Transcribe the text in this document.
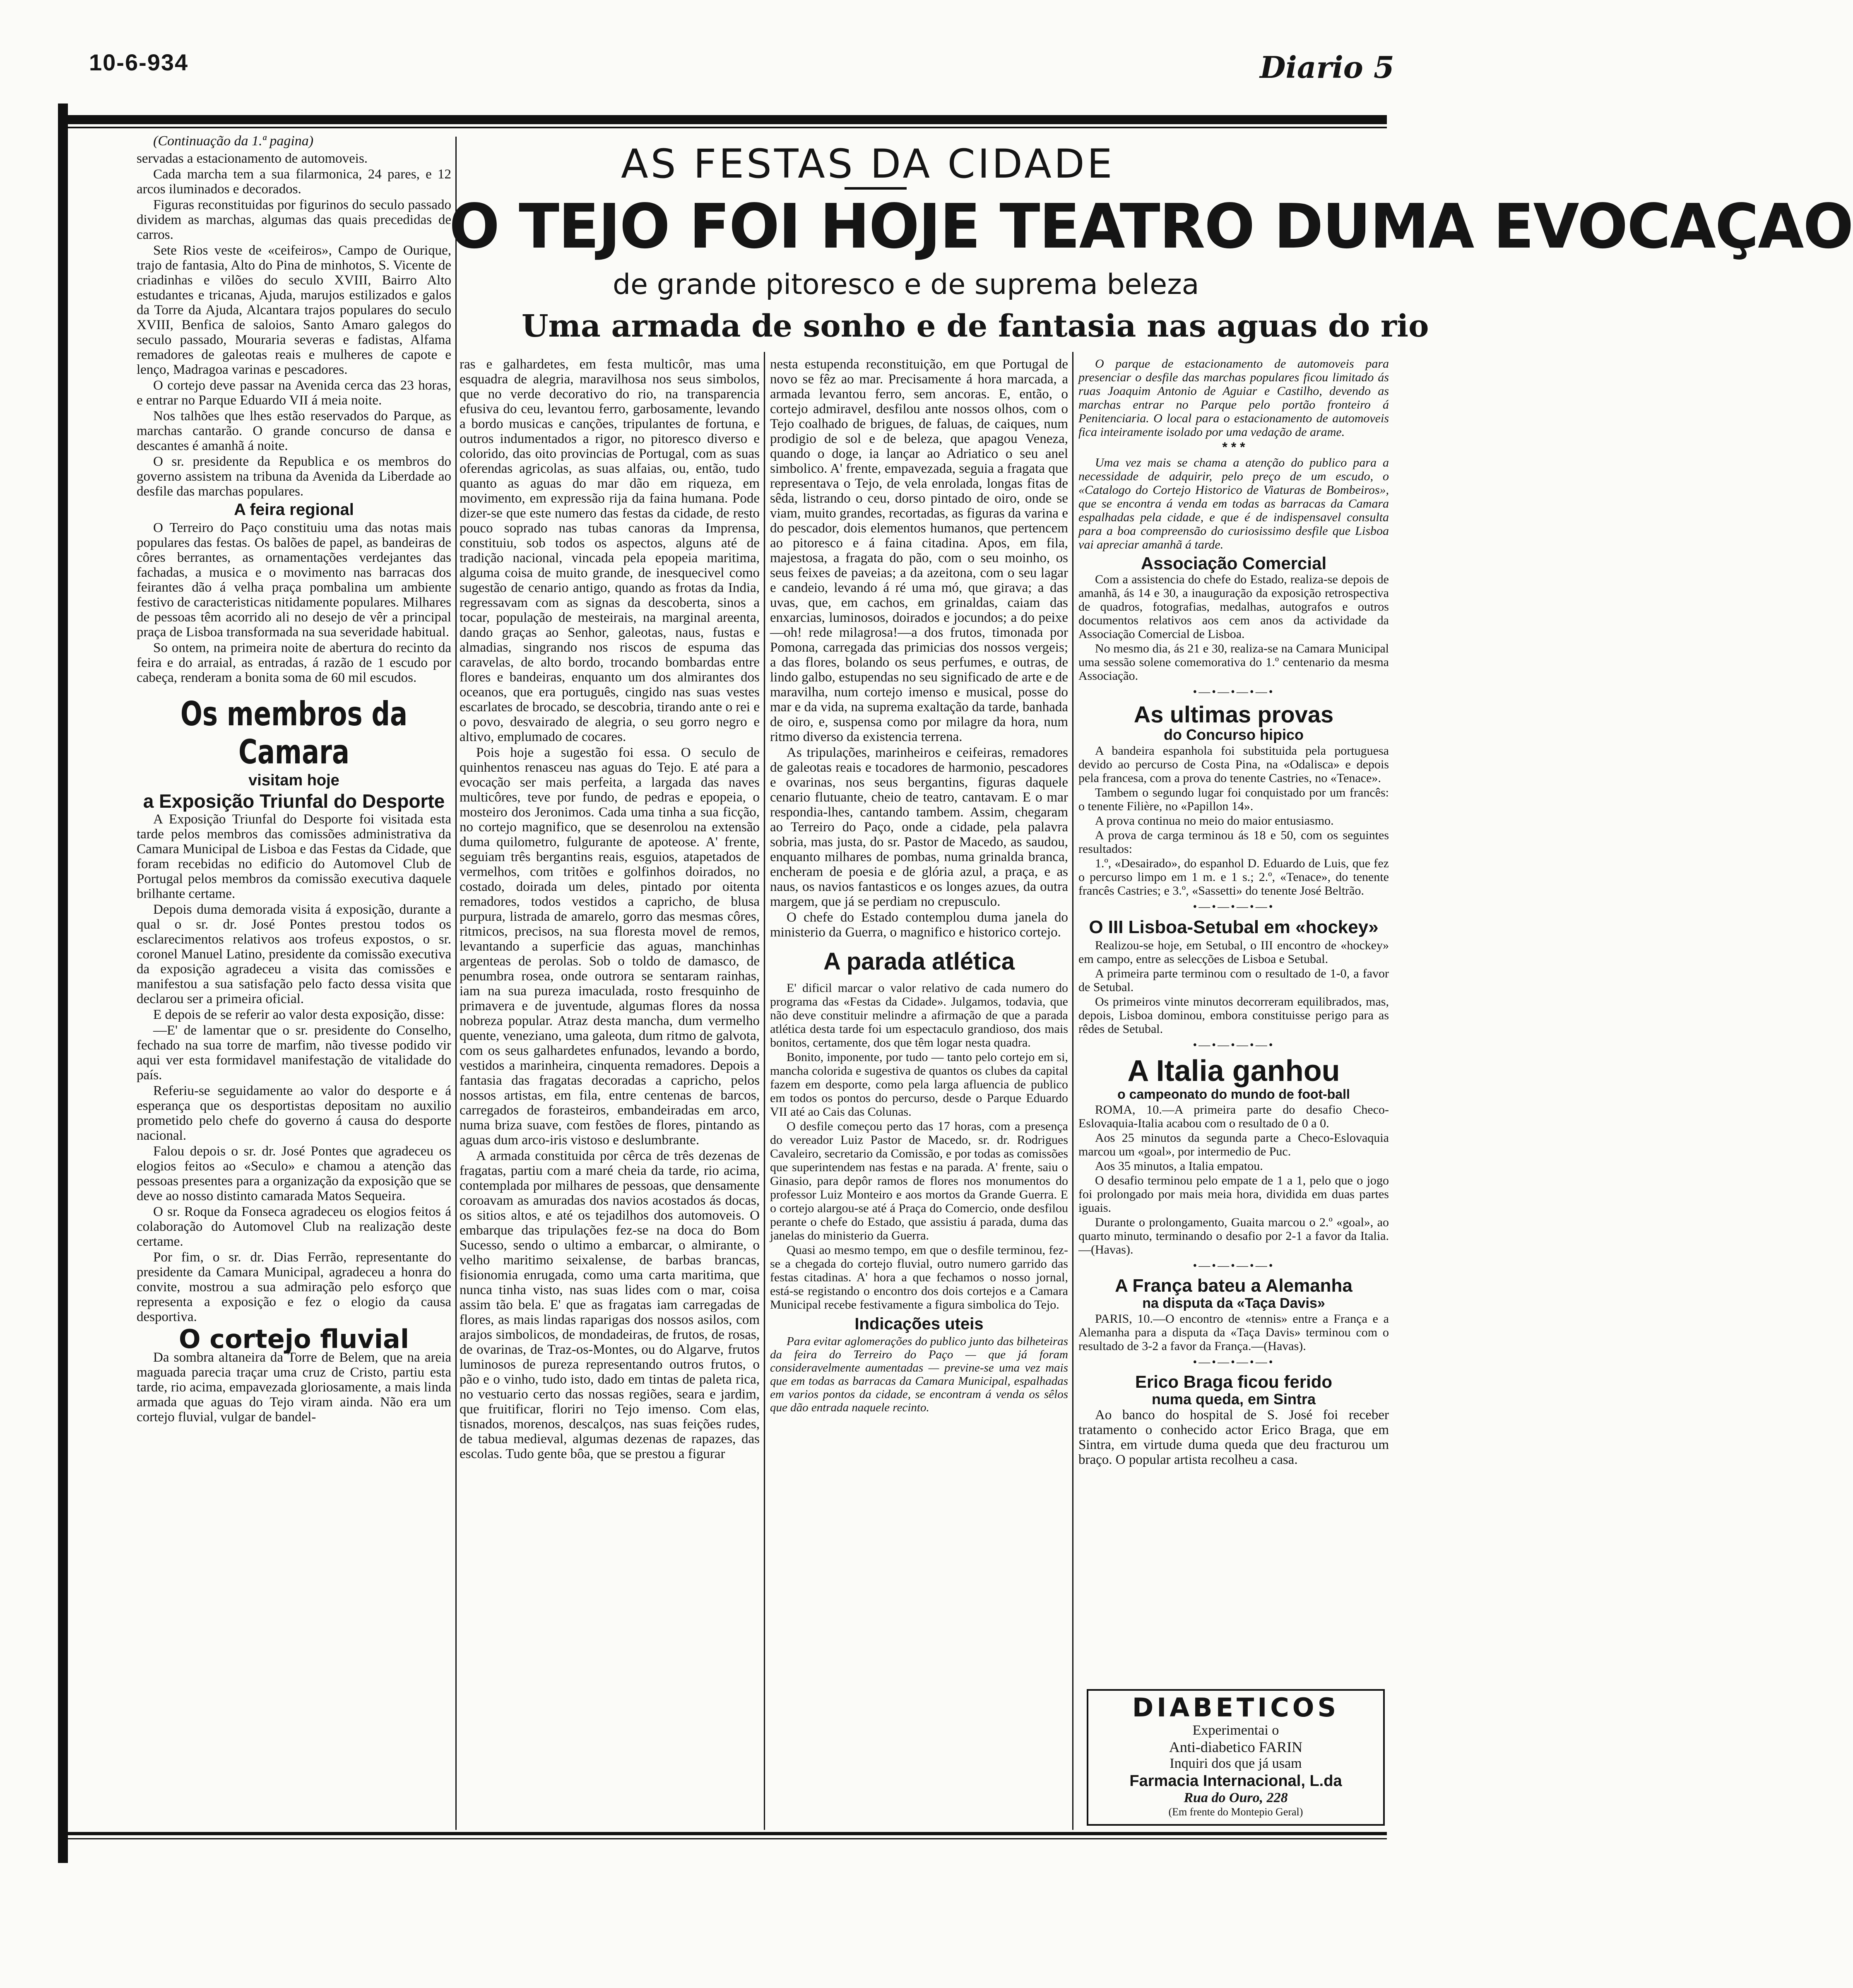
10-6-934	Diario 5
(Continuação da 1.ª pagina)

servadas a estacionamento de automoveis.

Cada marcha tem a sua filarmonica, 24 pares, e 12 arcos iluminados e decorados.

Figuras reconstituidas por figurinos do seculo passado dividem as marchas, algumas das quais precedidas de carros.

Sete Rios veste de «ceifeiros», Campo de Ourique, trajo de fantasia, Alto do Pina de minhotos, S. Vicente de criadinhas e vilões do seculo XVIII, Bairro Alto estudantes e tricanas, Ajuda, marujos estilizados e galos da Torre da Ajuda, Alcantara trajos populares do seculo XVIII, Benfica de saloios, Santo Amaro galegos do seculo passado, Mouraria severas e fadistas, Alfama remadores de galeotas reais e mulheres de capote e lenço, Madragoa varinas e pescadores.

O cortejo deve passar na Avenida cerca das 23 horas, e entrar no Parque Eduardo VII á meia noite.

Nos talhões que lhes estão reservados do Parque, as marchas cantarão. O grande concurso de dansa e descantes é amanhã á noite.

O sr. presidente da Republica e os membros do governo assistem na tribuna da Avenida da Liberdade ao desfile das marchas populares.

A feira regional

O Terreiro do Paço constituiu uma das notas mais populares das festas. Os balões de papel, as bandeiras de côres berrantes, as ornamentações verdejantes das fachadas, a musica e o movimento nas barracas dos feirantes dão á velha praça pombalina um ambiente festivo de caracteristicas nitidamente populares. Milhares de pessoas têm acorrido ali no desejo de vêr a principal praça de Lisboa transformada na sua severidade habitual.

So ontem, na primeira noite de abertura do recinto da feira e do arraial, as entradas, á razão de 1 escudo por cabeça, renderam a bonita soma de 60 mil escudos.

Os membros da Camara
visitam hoje
a Exposição Triunfal do Desporte

A Exposição Triunfal do Desporte foi visitada esta tarde pelos membros das comissões administrativa da Camara Municipal de Lisboa e das Festas da Cidade, que foram recebidas no edificio do Automovel Club de Portugal pelos membros da comissão executiva daquele brilhante certame.

Depois duma demorada visita á exposição, durante a qual o sr. dr. José Pontes prestou todos os esclarecimentos relativos aos trofeus expostos, o sr. coronel Manuel Latino, presidente da comissão executiva da exposição agradeceu a visita das comissões e manifestou a sua satisfação pelo facto dessa visita que declarou ser a primeira oficial.

E depois de se referir ao valor desta exposição, disse:

—E' de lamentar que o sr. presidente do Conselho, fechado na sua torre de marfim, não tivesse podido vir aqui ver esta formidavel manifestação de vitalidade do país.

Referiu-se seguidamente ao valor do desporte e á esperança que os desportistas depositam no auxilio prometido pelo chefe do governo á causa do desporte nacional.

Falou depois o sr. dr. José Pontes que agradeceu os elogios feitos ao «Seculo» e chamou a atenção das pessoas presentes para a organização da exposição que se deve ao nosso distinto camarada Matos Sequeira.

O sr. Roque da Fonseca agradeceu os elogios feitos á colaboração do Automovel Club na realização deste certame.

Por fim, o sr. dr. Dias Ferrão, representante do presidente da Camara Municipal, agradeceu a honra do convite, mostrou a sua admiração pelo esforço que representa a exposição e fez o elogio da causa desportiva.

O cortejo fluvial

Da sombra altaneira da Torre de Belem, que na areia maguada parecia traçar uma cruz de Cristo, partiu esta tarde, rio acima, empavezada gloriosamente, a mais linda armada que aguas do Tejo viram ainda. Não era um cortejo fluvial, vulgar de bandel-

AS FESTAS DA CIDADE
O TEJO FOI HOJE TEATRO DUMA EVOCAÇAO
de grande pitoresco e de suprema beleza
Uma armada de sonho e de fantasia nas aguas do rio

ras e galhardetes, em festa multicôr, mas uma esquadra de alegria, maravilhosa nos seus simbolos, que no verde decorativo do rio, na transparencia efusiva do ceu, levantou ferro, garbosamente, levando a bordo musicas e canções, tripulantes de fortuna, e outros indumentados a rigor, no pitoresco diverso e colorido, das oito provincias de Portugal, com as suas oferendas agricolas, as suas alfaias, ou, então, tudo quanto as aguas do mar dão em riqueza, em movimento, em expressão rija da faina humana. Pode dizer-se que este numero das festas da cidade, de resto pouco soprado nas tubas canoras da Imprensa, constituiu, sob todos os aspectos, alguns até de tradição nacional, vincada pela epopeia maritima, alguma coisa de muito grande, de inesquecivel como sugestão de cenario antigo, quando as frotas da India, regressavam com as signas da descoberta, sinos a tocar, população de mesteirais, na marginal areenta, dando graças ao Senhor, galeotas, naus, fustas e almadias, singrando nos riscos de espuma das caravelas, de alto bordo, trocando bombardas entre flores e bandeiras, enquanto um dos almirantes dos oceanos, que era português, cingido nas suas vestes escarlates de brocado, se descobria, tirando ante o rei e o povo, desvairado de alegria, o seu gorro negro e altivo, emplumado de cocares.

Pois hoje a sugestão foi essa. O seculo de quinhentos renasceu nas aguas do Tejo. E até para a evocação ser mais perfeita, a largada das naves multicôres, teve por fundo, de pedras e epopeia, o mosteiro dos Jeronimos. Cada uma tinha a sua ficção, no cortejo magnifico, que se desenrolou na extensão duma quilometro, fulgurante de apoteose. A' frente, seguiam três bergantins reais, esguios, atapetados de vermelhos, com tritões e golfinhos doirados, no costado, doirada um deles, pintado por oitenta remadores, todos vestidos a capricho, de blusa purpura, listrada de amarelo, gorro das mesmas côres, ritmicos, precisos, na sua floresta movel de remos, levantando a superficie das aguas, manchinhas argenteas de perolas. Sob o toldo de damasco, de penumbra rosea, onde outrora se sentaram rainhas, iam na sua pureza imaculada, rosto fresquinho de primavera e de juventude, algumas flores da nossa nobreza popular. Atraz desta mancha, dum vermelho quente, veneziano, uma galeota, dum ritmo de galvota, com os seus galhardetes enfunados, levando a bordo, vestidos a marinheira, cinquenta remadores. Depois a fantasia das fragatas decoradas a capricho, pelos nossos artistas, em fila, entre centenas de barcos, carregados de forasteiros, embandeiradas em arco, numa briza suave, com festões de flores, pintando as aguas dum arco-iris vistoso e deslumbrante.

A armada constituida por cêrca de três dezenas de fragatas, partiu com a maré cheia da tarde, rio acima, contemplada por milhares de pessoas, que densamente coroavam as amuradas dos navios acostados ás docas, os sitios altos, e até os tejadilhos dos automoveis. O embarque das tripulações fez-se na doca do Bom Sucesso, sendo o ultimo a embarcar, o almirante, o velho maritimo seixalense, de barbas brancas, fisionomia enrugada, como uma carta maritima, que nunca tinha visto, nas suas lides com o mar, coisa assim tão bela. E' que as fragatas iam carregadas de flores, as mais lindas raparigas dos nossos asilos, com arajos simbolicos, de mondadeiras, de frutos, de rosas, de ovarinas, de Traz-os-Montes, ou do Algarve, frutos luminosos de pureza representando outros frutos, o pão e o vinho, tudo isto, dado em tintas de paleta rica, no vestuario certo das nossas regiões, seara e jardim, que fruitificar, floriri no Tejo imenso. Com elas, tisnados, morenos, descalços, nas suas feições rudes, de tabua medieval, algumas dezenas de rapazes, das escolas. Tudo gente bôa, que se prestou a figurar

nesta estupenda reconstituição, em que Portugal de novo se fêz ao mar. Precisamente á hora marcada, a armada levantou ferro, sem ancoras. E, então, o cortejo admiravel, desfilou ante nossos olhos, com o Tejo coalhado de brigues, de faluas, de caiques, num prodigio de sol e de beleza, que apagou Veneza, quando o doge, ia lançar ao Adriatico o seu anel simbolico. A' frente, empavezada, seguia a fragata que representava o Tejo, de vela enrolada, longas fitas de sêda, listrando o ceu, dorso pintado de oiro, onde se viam, muito grandes, recortadas, as figuras da varina e do pescador, dois elementos humanos, que pertencem ao pitoresco e á faina citadina. Apos, em fila, majestosa, a fragata do pão, com o seu moinho, os seus feixes de paveias; a da azeitona, com o seu lagar e candeio, levando á ré uma mó, que girava; a das uvas, que, em cachos, em grinaldas, caiam das enxarcias, luminosos, doirados e jocundos; a do peixe—oh! rede milagrosa!—a dos frutos, timonada por Pomona, carregada das primicias dos nossos vergeis; a das flores, bolando os seus perfumes, e outras, de lindo galbo, estupendas no seu significado de arte e de maravilha, num cortejo imenso e musical, posse do mar e da vida, na suprema exaltação da tarde, banhada de oiro, e, suspensa como por milagre da hora, num ritmo diverso da existencia terrena.

As tripulações, marinheiros e ceifeiras, remadores de galeotas reais e tocadores de harmonio, pescadores e ovarinas, nos seus bergantins, figuras daquele cenario flutuante, cheio de teatro, cantavam. E o mar respondia-lhes, cantando tambem. Assim, chegaram ao Terreiro do Paço, onde a cidade, pela palavra sobria, mas justa, do sr. Pastor de Macedo, as saudou, enquanto milhares de pombas, numa grinalda branca, encheram de poesia e de glória azul, a praça, e as naus, os navios fantasticos e os longes azues, da outra margem, que já se perdiam no crepusculo.

O chefe do Estado contemplou duma janela do ministerio da Guerra, o magnifico e historico cortejo.

A parada atlética

E' dificil marcar o valor relativo de cada numero do programa das «Festas da Cidade». Julgamos, todavia, que não deve constituir melindre a afirmação de que a parada atlética desta tarde foi um espectaculo grandioso, dos mais bonitos, certamente, dos que têm logar nesta quadra.

Bonito, imponente, por tudo — tanto pelo cortejo em si, mancha colorida e sugestiva de quantos os clubes da capital fazem em desporte, como pela larga afluencia de publico em todos os pontos do percurso, desde o Parque Eduardo VII até ao Cais das Colunas.

O desfile começou perto das 17 horas, com a presença do vereador Luiz Pastor de Macedo, sr. dr. Rodrigues Cavaleiro, secretario da Comissão, e por todas as comissões que superintendem nas festas e na parada. A' frente, saiu o Ginasio, para depôr ramos de flores nos monumentos do professor Luiz Monteiro e aos mortos da Grande Guerra. E o cortejo alargou-se até á Praça do Comercio, onde desfilou perante o chefe do Estado, que assistiu á parada, duma das janelas do ministerio da Guerra.

Quasi ao mesmo tempo, em que o desfile terminou, fez-se a chegada do cortejo fluvial, outro numero garrido das festas citadinas. A' hora a que fechamos o nosso jornal, está-se registando o encontro dos dois cortejos e a Camara Municipal recebe festivamente a figura simbolica do Tejo.

Indicações uteis

Para evitar aglomerações do publico junto das bilheteiras da feira do Terreiro do Paço — que já foram consideravelmente aumentadas — previne-se uma vez mais que em todas as barracas da Camara Municipal, espalhadas em varios pontos da cidade, se encontram á venda os sêlos que dão entrada naquele recinto.

O parque de estacionamento de automoveis para presenciar o desfile das marchas populares ficou limitado ás ruas Joaquim Antonio de Aguiar e Castilho, devendo as marchas entrar no Parque pelo portão fronteiro á Penitenciaria. O local para o estacionamento de automoveis fica inteiramente isolado por uma vedação de arame.

* * *

Uma vez mais se chama a atenção do publico para a necessidade de adquirir, pelo preço de um escudo, o «Catalogo do Cortejo Historico de Viaturas de Bombeiros», que se encontra á venda em todas as barracas da Camara espalhadas pela cidade, e que é de indispensavel consulta para a boa compreensão do curiosissimo desfile que Lisboa vai apreciar amanhã á tarde.

Associação Comercial

Com a assistencia do chefe do Estado, realiza-se depois de amanhã, ás 14 e 30, a inauguração da exposição retrospectiva de quadros, fotografias, medalhas, autografos e outros documentos relativos aos cem anos da actividade da Associação Comercial de Lisboa.

No mesmo dia, ás 21 e 30, realiza-se na Camara Municipal uma sessão solene comemorativa do 1.º centenario da mesma Associação.

•—•—•—•—•
As ultimas provas
do Concurso hipico

A bandeira espanhola foi substituida pela portuguesa devido ao percurso de Costa Pina, na «Odalisca» e depois pela francesa, com a prova do tenente Castries, no «Tenace».

Tambem o segundo lugar foi conquistado por um francês: o tenente Filière, no «Papillon 14».

A prova continua no meio do maior entusiasmo.

A prova de carga terminou ás 18 e 50, com os seguintes resultados:

1.º, «Desairado», do espanhol D. Eduardo de Luis, que fez o percurso limpo em 1 m. e 1 s.; 2.º, «Tenace», do tenente francês Castries; e 3.º, «Sassetti» do tenente José Beltrão.

•—•—•—•—•
O III Lisboa-Setubal em «hockey»

Realizou-se hoje, em Setubal, o III encontro de «hockey» em campo, entre as selecções de Lisboa e Setubal.

A primeira parte terminou com o resultado de 1-0, a favor de Setubal.

Os primeiros vinte minutos decorreram equilibrados, mas, depois, Lisboa dominou, embora constituisse perigo para as rêdes de Setubal.

•—•—•—•—•
A Italia ganhou
o campeonato do mundo de foot-ball

ROMA, 10.—A primeira parte do desafio Checo-Eslovaquia-Italia acabou com o resultado de 0 a 0.

Aos 25 minutos da segunda parte a Checo-Eslovaquia marcou um «goal», por intermedio de Puc.

Aos 35 minutos, a Italia empatou.

O desafio terminou pelo empate de 1 a 1, pelo que o jogo foi prolongado por mais meia hora, dividida em duas partes iguais.

Durante o prolongamento, Guaita marcou o 2.º «goal», ao quarto minuto, terminando o desafio por 2-1 a favor da Italia.—(Havas).

•—•—•—•—•
A França bateu a Alemanha
na disputa da «Taça Davis»

PARIS, 10.—O encontro de «tennis» entre a França e a Alemanha para a disputa da «Taça Davis» terminou com o resultado de 3-2 a favor da França.—(Havas).

•—•—•—•—•
Erico Braga ficou ferido
numa queda, em Sintra

Ao banco do hospital de S. José foi receber tratamento o conhecido actor Erico Braga, que em Sintra, em virtude duma queda que deu fracturou um braço. O popular artista recolheu a casa.

DIABETICOS
Experimentai o
Anti-diabetico FARIN
Inquiri dos que já usam
Farmacia Internacional, L.da
Rua do Ouro, 228
(Em frente do Montepio Geral)
